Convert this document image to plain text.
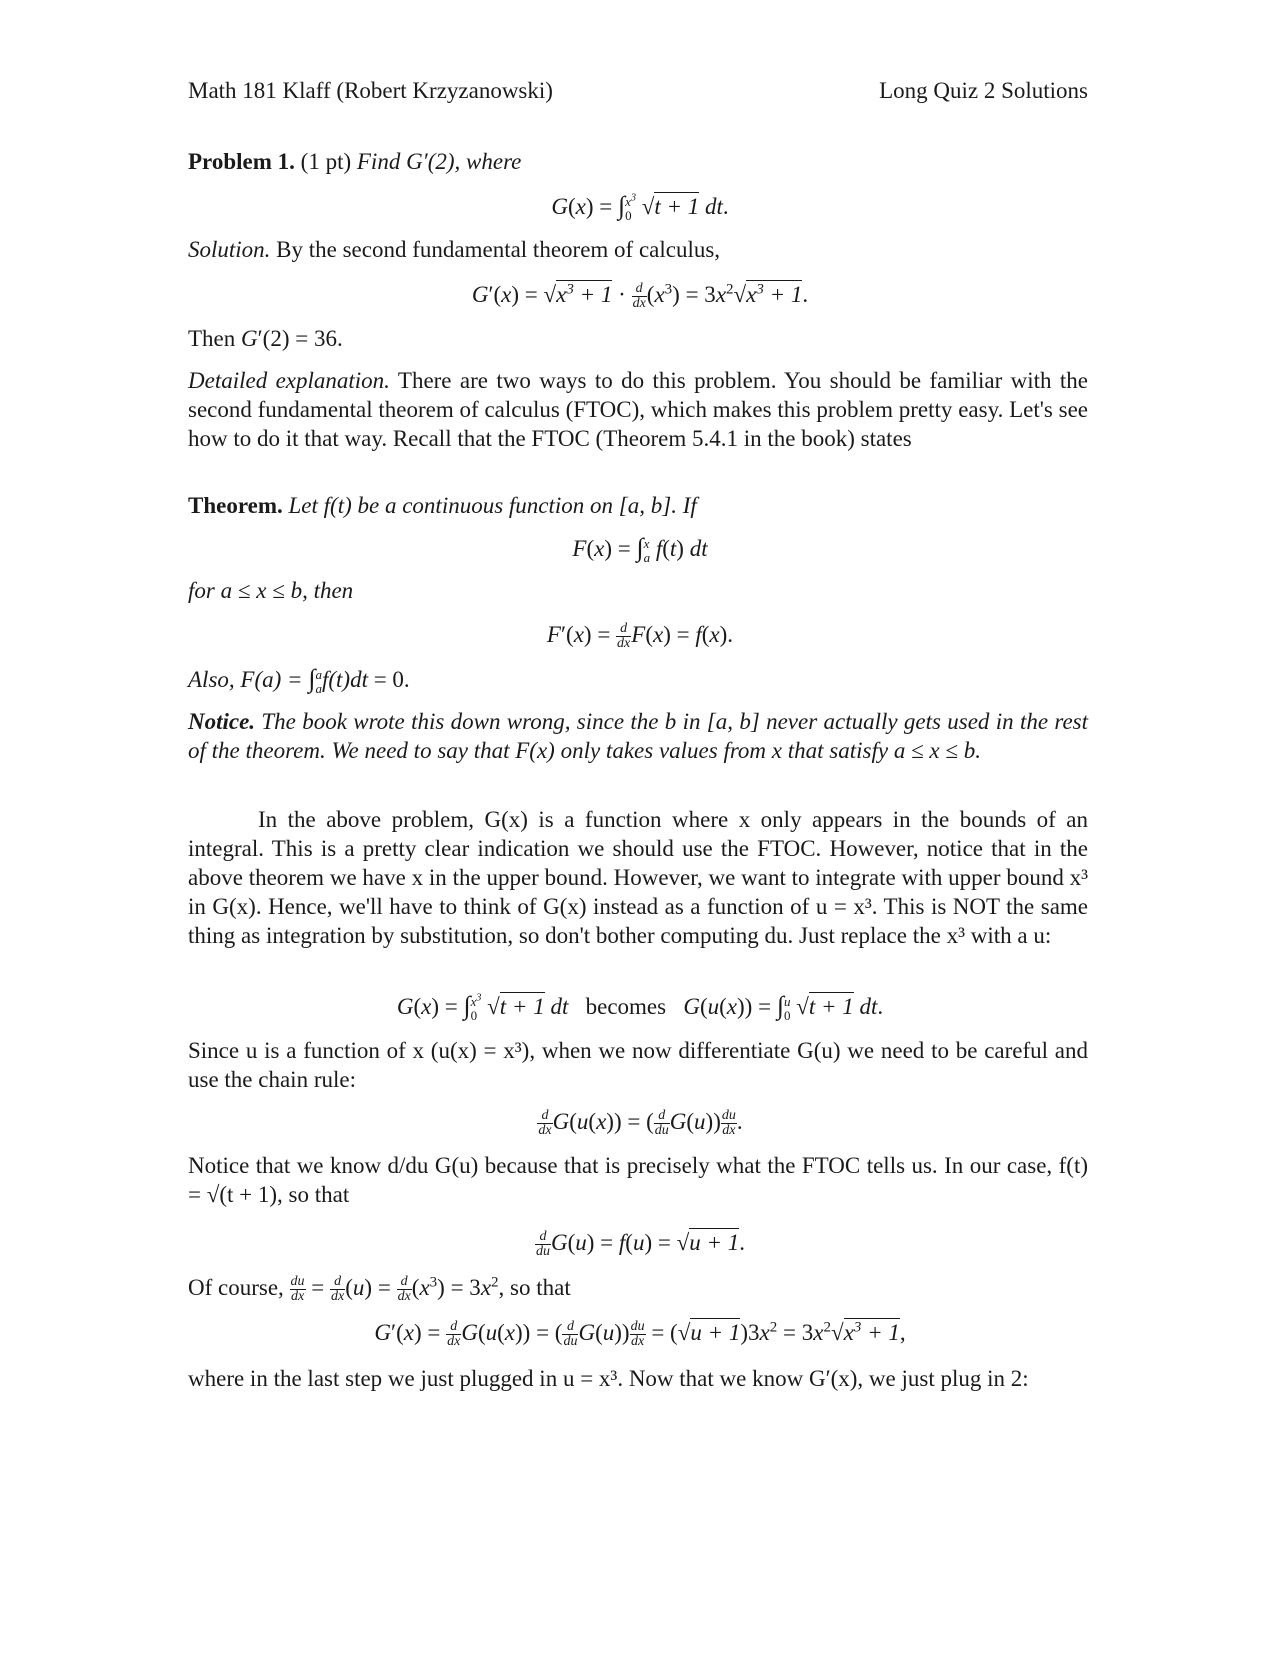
Math 181 Klaff (Robert Krzyzanowski)	Long Quiz 2 Solutions
Problem 1. (1 pt) Find G′(2), where
$G(x) = \int x^3$
0 √t + 1 dt.
Solution. By the second fundamental theorem of calculus,
$G'(x) = √x^3 + 1 \cdot \frac{d}{dx} (x^3) = 3x^2√x^3 + 1$.
Then G′(2) = 36.
Detailed explanation. There are two ways to do this problem. You should be familiar with the second fundamental theorem of calculus (FTOC), which makes this problem pretty easy. Let's see how to do it that way. Recall that the FTOC (Theorem 5.4.1 in the book) states
Theorem. Let f(t) be a continuous function on [a, b]. If
F(x) = ∫x
a f(t) dt
for a ≤ x ≤ b, then
$F'(x) = \frac{d}{dx} F(x) = f(x)$.
Also, F(a) = ∫a
af(t)dt = 0.
Notice. The book wrote this down wrong, since the b in [a, b] never actually gets used in the rest of the theorem. We need to say that F(x) only takes values from x that satisfy a ≤ x ≤ b.
In the above problem, G(x) is a function where x only appears in the bounds of an integral. This is a pretty clear indication we should use the FTOC. However, notice that in the above theorem we have x in the upper bound. However, we want to integrate with upper bound x³ in G(x). Hence, we'll have to think of G(x) instead as a function of u = x³. This is NOT the same thing as integration by substitution, so don't bother computing du. Just replace the x³ with a u:
$G(x) = \int x^3$
0 √t + 1 dt becomes G(u(x)) = ∫u
0 √t + 1 dt.
Since u is a function of x (u(x) = x³), when we now differentiate G(u) we need to be careful and use the chain rule:
$\frac{d}{dx} G(u(x))$ = ( $\frac{d}{du} G(u)) \frac{du}{dx}$ .
Notice that we know d/du G(u) because that is precisely what the FTOC tells us. In our case, f(t) = √(t + 1), so that
$\frac{d}{du} G(u) = f(u) = √u + 1$.
Of course, $\frac{du}{dx} = \frac{d}{dx} (u) = \frac{d}{dx} (x^3) = 3x^2$, so that
$G'(x) = \frac{d}{dx} G(u(x))$ = ( $\frac{d}{du} G(u)) \frac{du}{dx} = (√u + 1)3x^2 = 3x^2√x^3 + 1$,
where in the last step we just plugged in u = x³. Now that we know G′(x), we just plug in 2:
